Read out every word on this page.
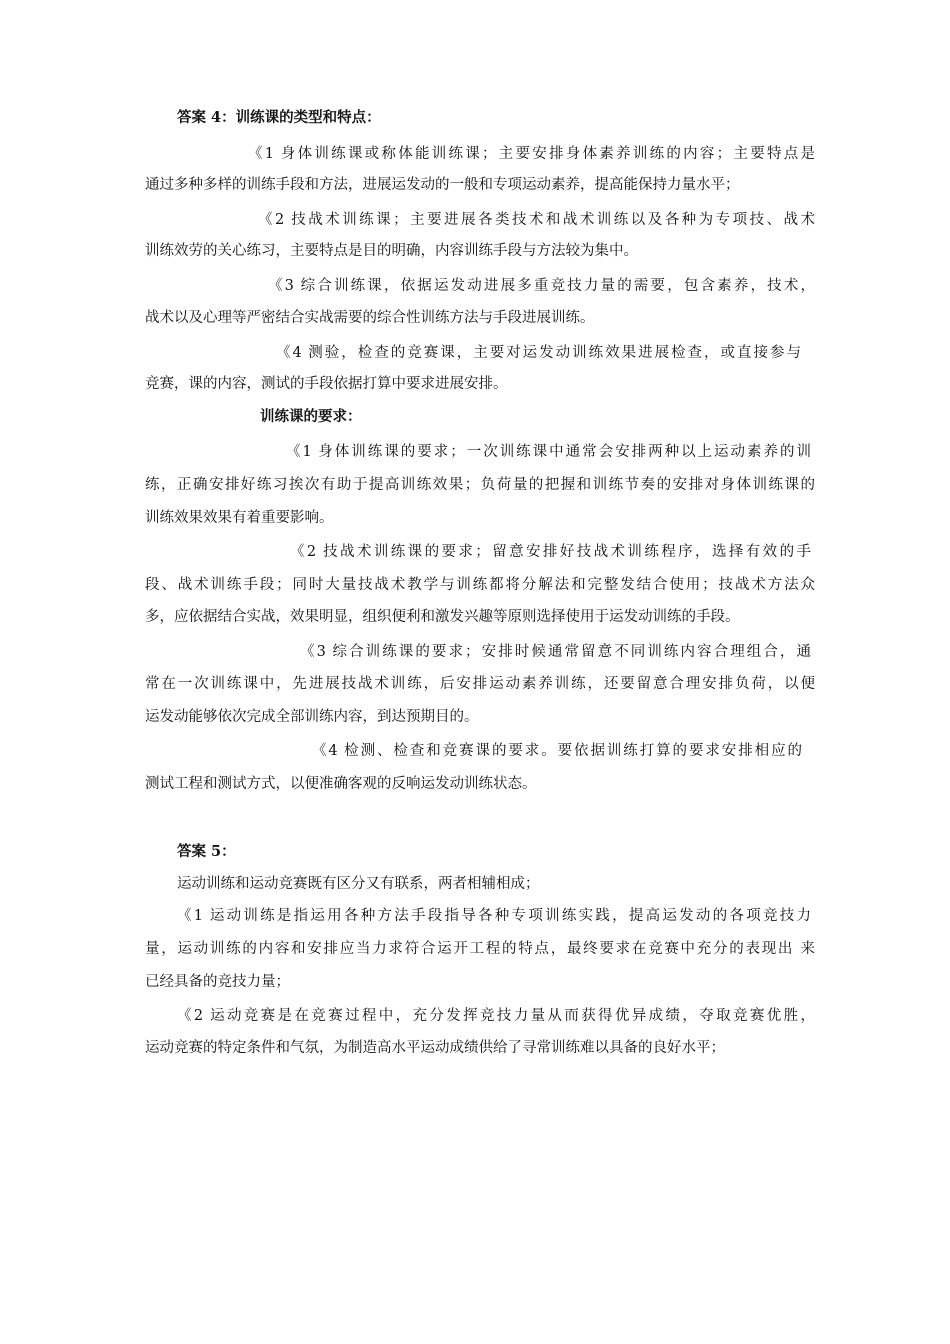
答案 4：训练课的类型和特点：
《1 身体训练课或称体能训练课；主要安排身体素养训练的内容；主要特点是
通过多种多样的训练手段和方法，进展运发动的一般和专项运动素养，提高能保持力量水平；
《2 技战术训练课；主要进展各类技术和战术训练以及各种为专项技、战术
训练效劳的关心练习，主要特点是目的明确，内容训练手段与方法较为集中。
《3 综合训练课，依据运发动进展多重竞技力量的需要，包含素养，技术，
战术以及心理等严密结合实战需要的综合性训练方法与手段进展训练。
《4 测验，检查的竞赛课，主要对运发动训练效果进展检查，或直接参与
竞赛，课的内容，测试的手段依据打算中要求进展安排。
训练课的要求：
《1 身体训练课的要求；一次训练课中通常会安排两种以上运动素养的训
练，正确安排好练习挨次有助于提高训练效果；负荷量的把握和训练节奏的安排对身体训练课的
训练效果效果有着重要影响。
《2 技战术训练课的要求；留意安排好技战术训练程序，选择有效的手
段、战术训练手段；同时大量技战术教学与训练都将分解法和完整发结合使用；技战术方法众
多，应依据结合实战，效果明显，组织便利和激发兴趣等原则选择使用于运发动训练的手段。
《3 综合训练课的要求；安排时候通常留意不同训练内容合理组合，通
常在一次训练课中，先进展技战术训练，后安排运动素养训练，还要留意合理安排负荷，以便
运发动能够依次完成全部训练内容，到达预期目的。
《4 检测、检查和竞赛课的要求。要依据训练打算的要求安排相应的
测试工程和测试方式，以便准确客观的反响运发动训练状态。
答案 5：
运动训练和运动竞赛既有区分又有联系，两者相辅相成；
《1 运动训练是指运用各种方法手段指导各种专项训练实践，提高运发动的各项竞技力
量，运动训练的内容和安排应当力求符合运开工程的特点，最终要求在竞赛中充分的表现出 来
已经具备的竞技力量；
《2 运动竞赛是在竞赛过程中，充分发挥竞技力量从而获得优异成绩，夺取竞赛优胜，
运动竞赛的特定条件和气氛，为制造高水平运动成绩供给了寻常训练难以具备的良好水平；
